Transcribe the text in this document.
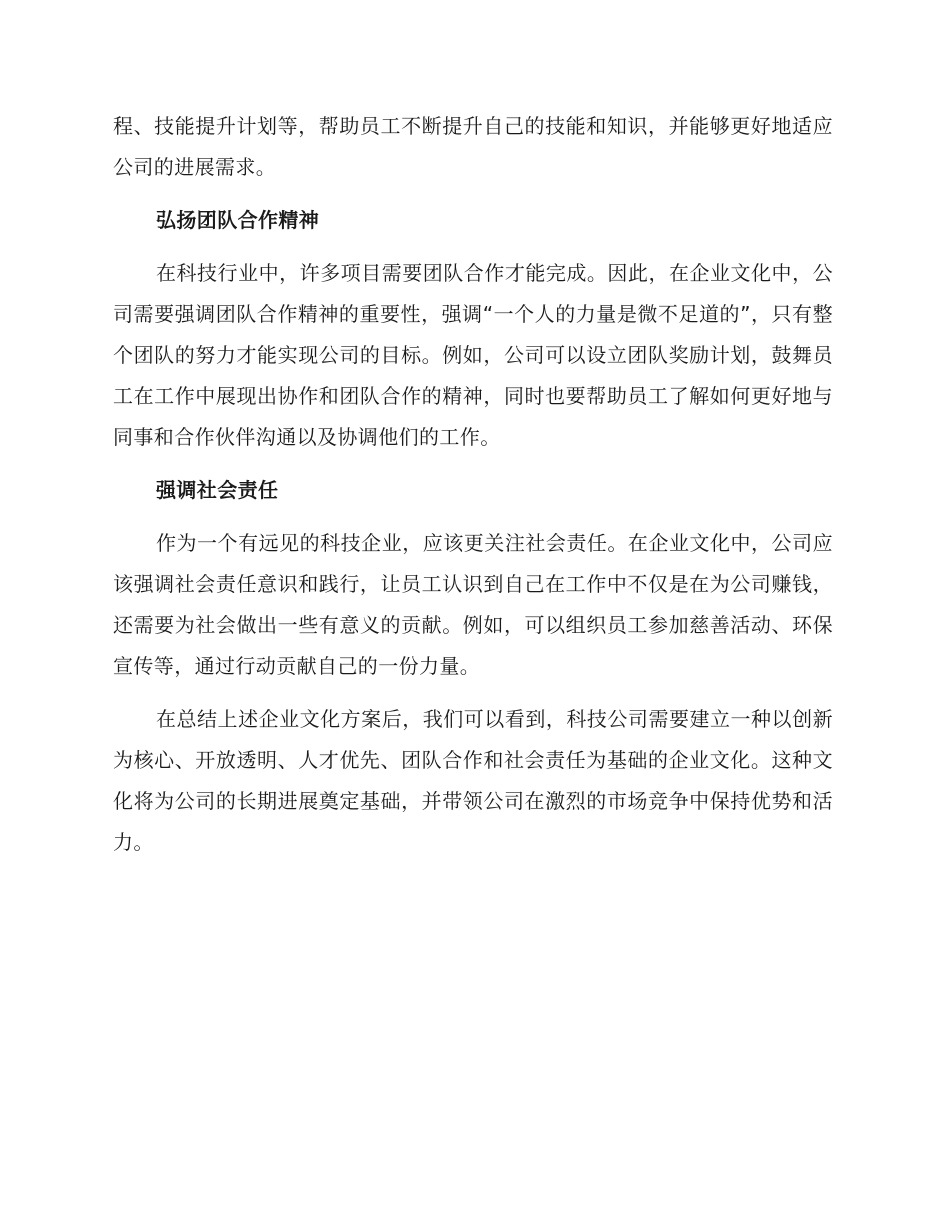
程、技能提升计划等，帮助员工不断提升自己的技能和知识，并能够更好地适应公司的进展需求。

弘扬团队合作精神

在科技行业中，许多项目需要团队合作才能完成。因此，在企业文化中，公司需要强调团队合作精神的重要性，强调“一个人的力量是微不足道的”，只有整个团队的努力才能实现公司的目标。例如，公司可以设立团队奖励计划，鼓舞员工在工作中展现出协作和团队合作的精神，同时也要帮助员工了解如何更好地与同事和合作伙伴沟通以及协调他们的工作。

强调社会责任

作为一个有远见的科技企业，应该更关注社会责任。在企业文化中，公司应该强调社会责任意识和践行，让员工认识到自己在工作中不仅是在为公司赚钱，还需要为社会做出一些有意义的贡献。例如，可以组织员工参加慈善活动、环保宣传等，通过行动贡献自己的一份力量。

在总结上述企业文化方案后，我们可以看到，科技公司需要建立一种以创新为核心、开放透明、人才优先、团队合作和社会责任为基础的企业文化。这种文化将为公司的长期进展奠定基础，并带领公司在激烈的市场竞争中保持优势和活力。
